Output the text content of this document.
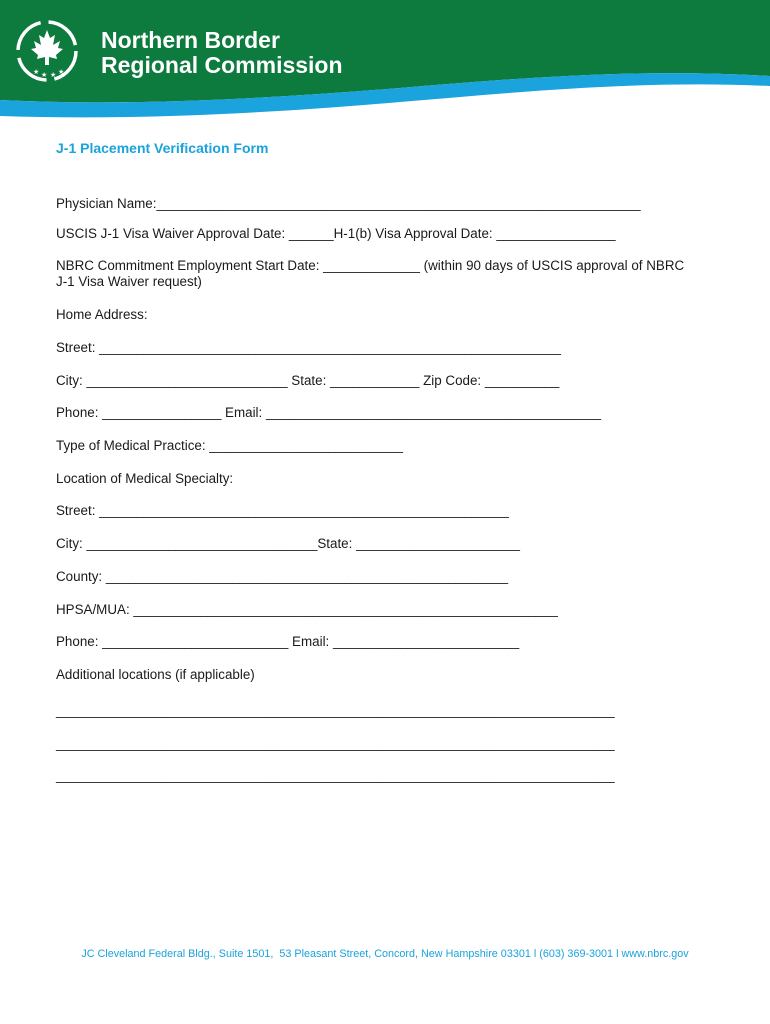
★ ★ ★ ★
Northern Border
Regional Commission
J-1 Placement Verification Form
Physician Name:_________________________________________________________________
USCIS J-1 Visa Waiver Approval Date: ______H-1(b) Visa Approval Date: ________________
NBRC Commitment Employment Start Date: _____________ (within 90 days of USCIS approval of NBRC
J-1 Visa Waiver request)
Home Address:
Street: ______________________________________________________________
City: ___________________________ State: ____________ Zip Code: __________
Phone: ________________ Email: _____________________________________________
Type of Medical Practice: __________________________
Location of Medical Specialty:
Street: _______________________________________________________
City: _______________________________State: ______________________
County: ______________________________________________________
HPSA/MUA: _________________________________________________________
Phone: _________________________ Email: _________________________
Additional locations (if applicable)
___________________________________________________________________________
___________________________________________________________________________
___________________________________________________________________________
JC Cleveland Federal Bldg., Suite 1501,  53 Pleasant Street, Concord, New Hampshire 03301 l (603) 369-3001 l www.nbrc.gov
